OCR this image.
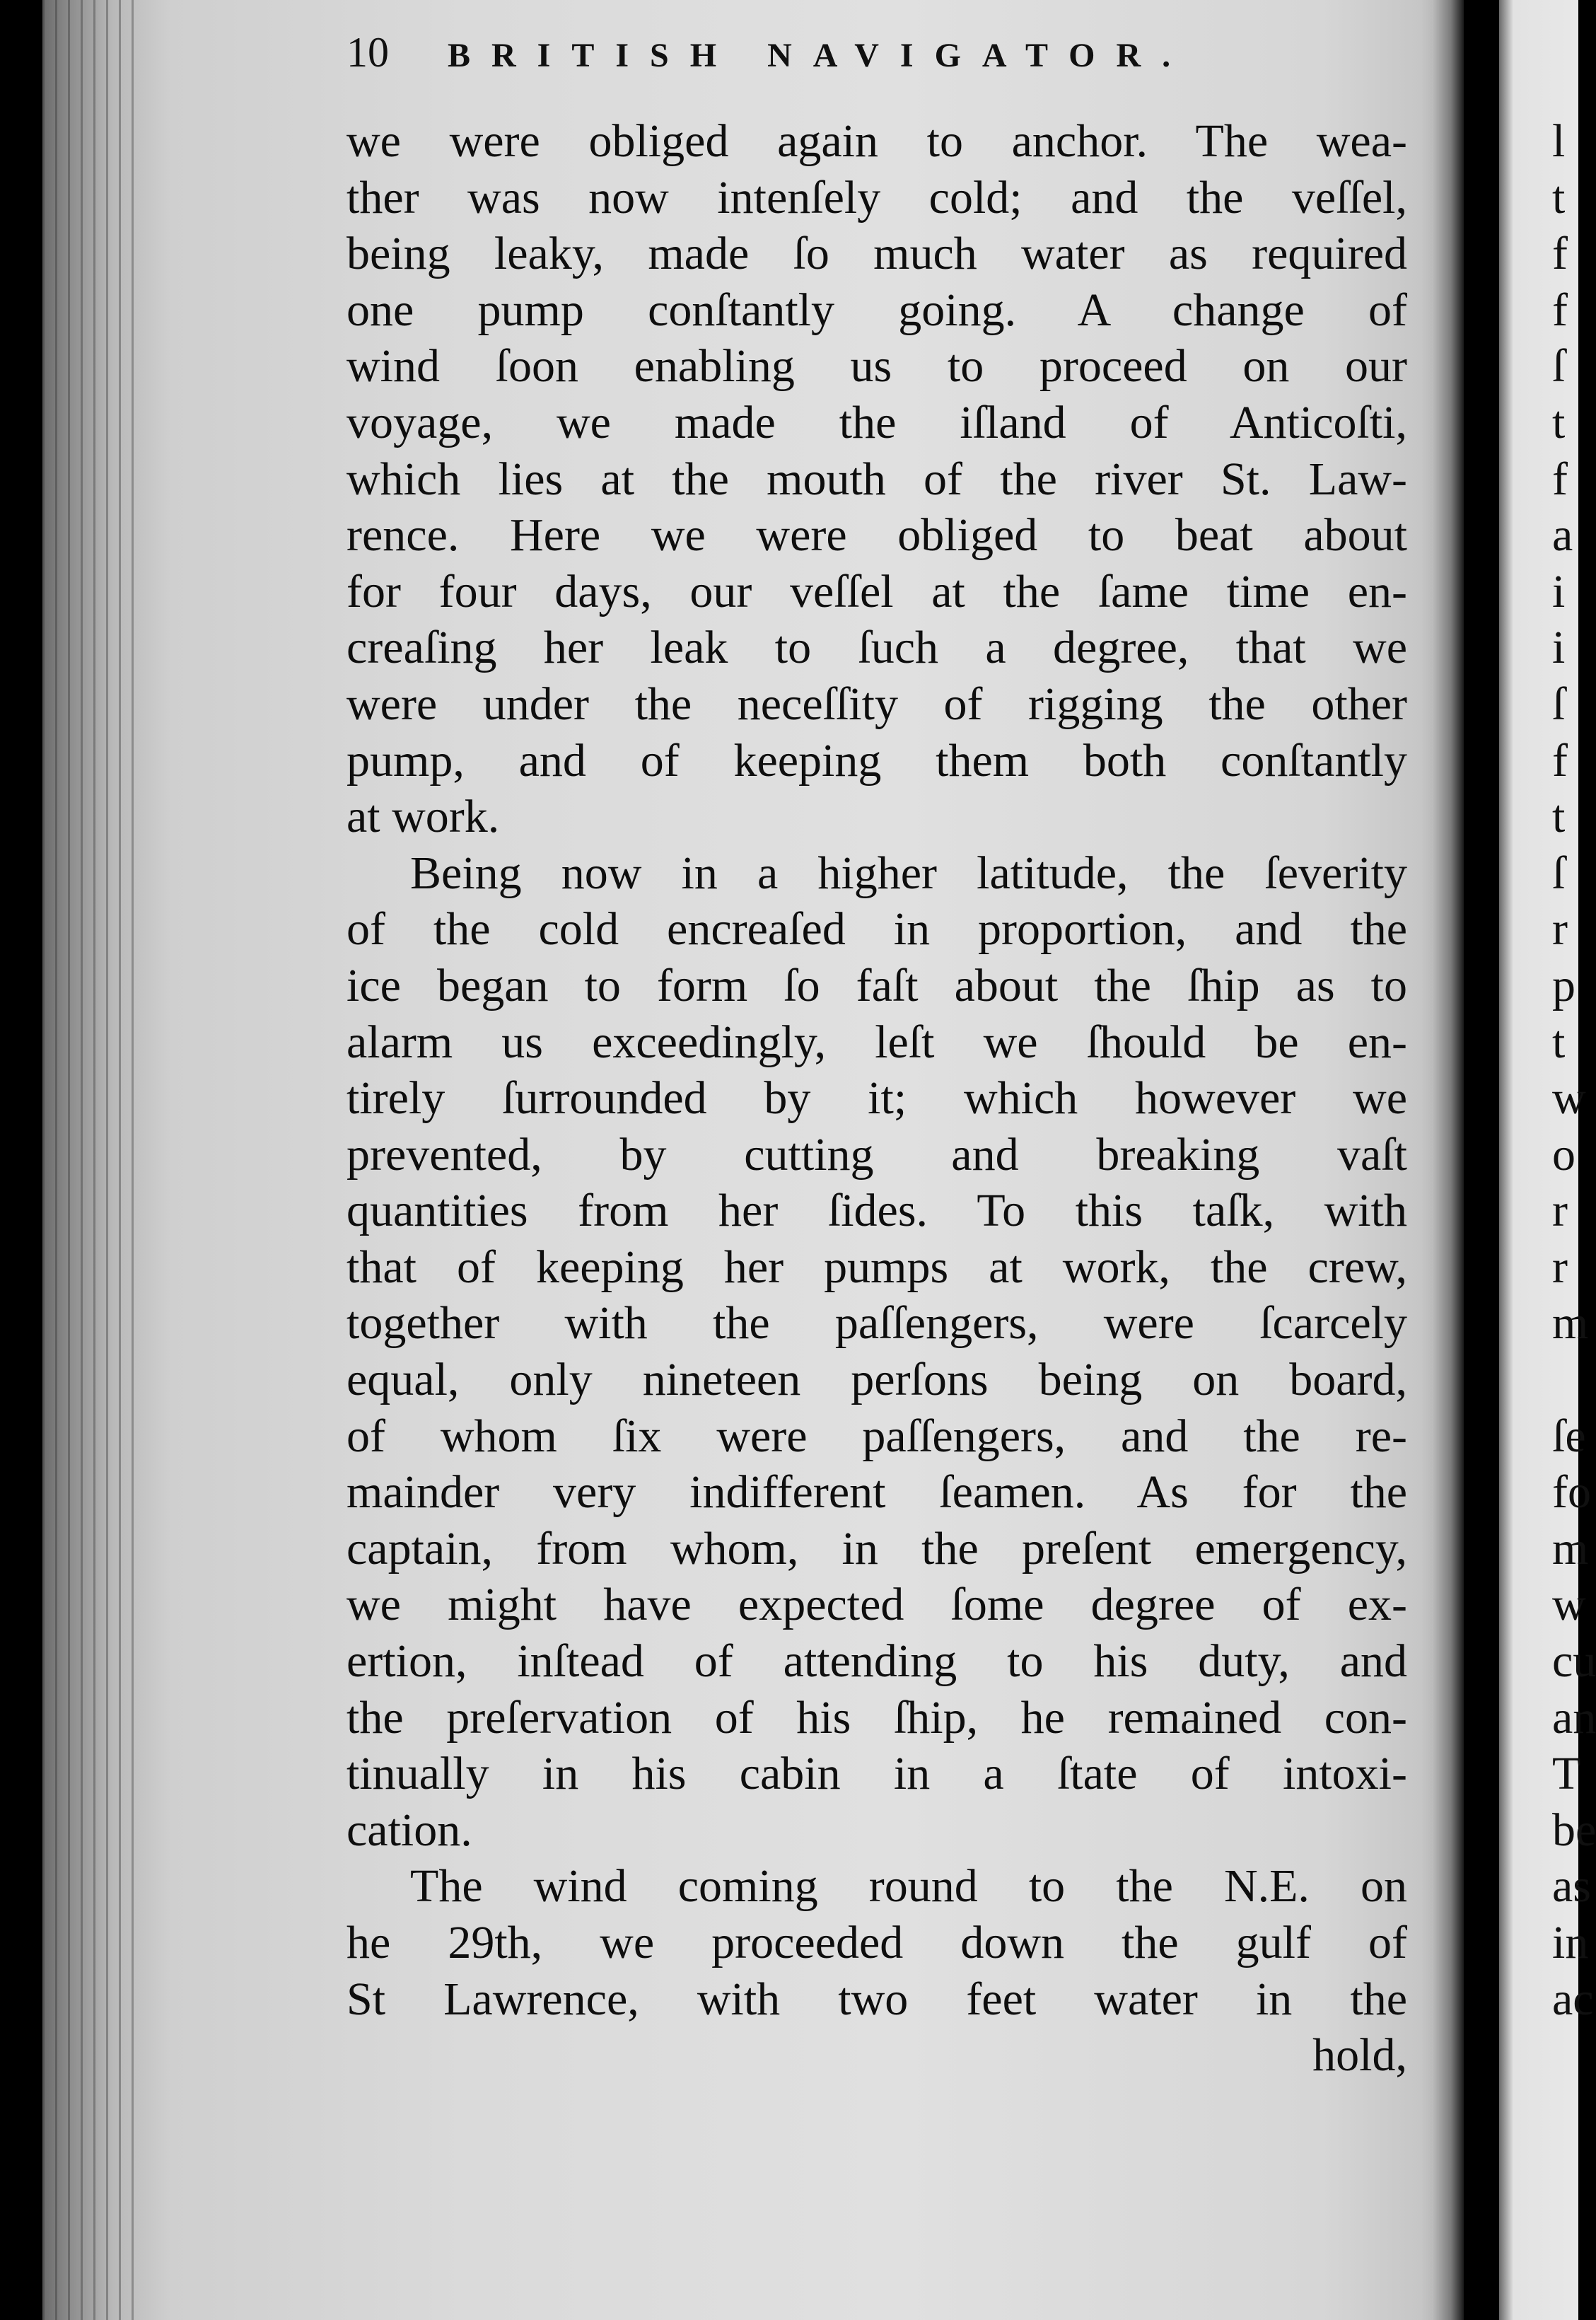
10 BRITISH NAVIGATOR.
we were obliged again to anchor. The wea-
ther was now intenſely cold; and the veſſel,
being leaky, made ſo much water as required
one pump conſtantly going. A change of
wind ſoon enabling us to proceed on our
voyage, we made the iſland of Anticoſti,
which lies at the mouth of the river St. Law-
rence. Here we were obliged to beat about
for four days, our veſſel at the ſame time en-
creaſing her leak to ſuch a degree, that we
were under the neceſſity of rigging the other
pump, and of keeping them both conſtantly
at work.
Being now in a higher latitude, the ſeverity
of the cold encreaſed in proportion, and the
ice began to form ſo faſt about the ſhip as to
alarm us exceedingly, leſt we ſhould be en-
tirely ſurrounded by it; which however we
prevented, by cutting and breaking vaſt
quantities from her ſides. To this taſk, with
that of keeping her pumps at work, the crew,
together with the paſſengers, were ſcarcely
equal, only nineteen perſons being on board,
of whom ſix were paſſengers, and the re-
mainder very indifferent ſeamen. As for the
captain, from whom, in the preſent emergency,
we might have expected ſome degree of ex-
ertion, inſtead of attending to his duty, and
the preſervation of his ſhip, he remained con-
tinually in his cabin in a ſtate of intoxi-
cation.
The wind coming round to the N.E. on
he 29th, we proceeded down the gulf of
St Lawrence, with two feet water in the
hold,
l
t
f
f
ſ
t
f
a
i
i
ſ
f
t
ſ
r
p
t
w
o
r
r
m
ſe
fo
m
w
cu
an
T
be
as
in
ac
